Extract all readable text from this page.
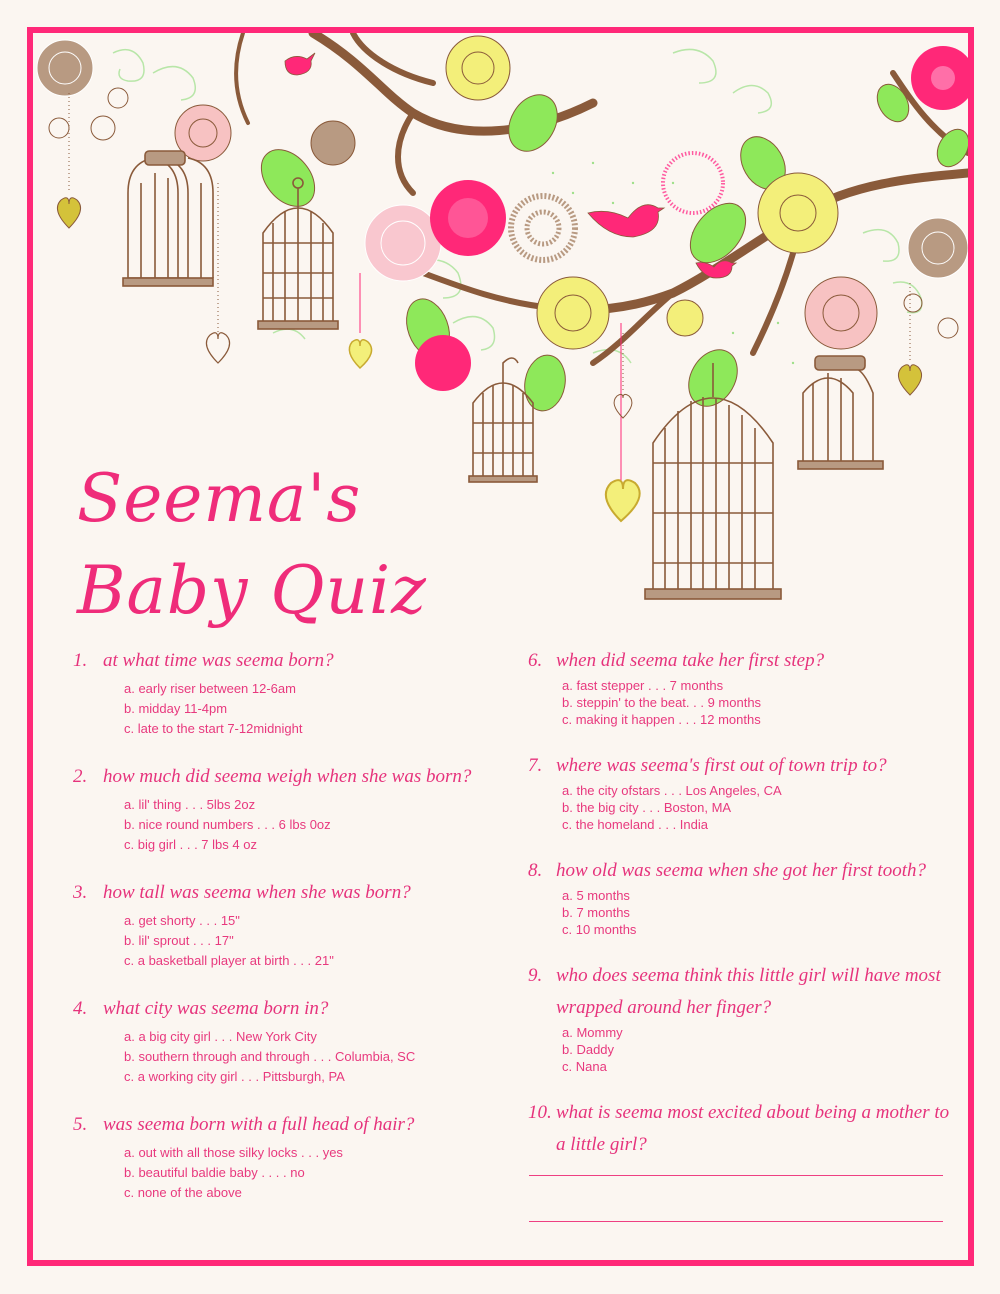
Seema's
Baby Quiz
1. at what time was seema born?
a. early riser between 12-6am
b. midday 11-4pm
c. late to the start 7-12midnight
2. how much did seema weigh when she was born?
a. lil' thing . . . 5lbs 2oz
b. nice round numbers . . . 6 lbs 0oz
c. big girl . . . 7 lbs 4 oz
3. how tall was seema when she was born?
a. get shorty . . . 15"
b. lil' sprout . . . 17"
c. a basketball player at birth . . . 21"
4. what city was seema born in?
a. a big city girl . . . New York City
b. southern through and through . . . Columbia, SC
c. a working city girl . . . Pittsburgh, PA
5. was seema born with a full head of hair?
a. out with all those silky locks . . . yes
b. beautiful baldie baby . . . . no
c. none of the above
6. when did seema take her first step?
a. fast stepper . . . 7 months
b. steppin' to the beat. . . 9 months
c. making it happen . . . 12 months
7. where was seema's first out of town trip to?
a. the city ofstars . . . Los Angeles, CA
b. the big city . . . Boston, MA
c. the homeland . . . India
8. how old was seema when she got her first tooth?
a. 5 months
b. 7 months
c. 10 months
9. who does seema think this little girl will have most wrapped around her finger?
a. Mommy
b. Daddy
c. Nana
10. what is seema most excited about being a mother to a little girl?
